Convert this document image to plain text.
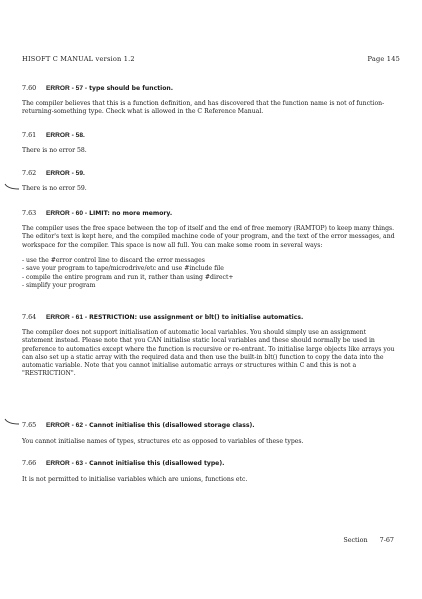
HISOFT C MANUAL version 1.2	Page 145
7.60 ERROR - 57 - type should be function.

The compiler believes that this is a function definition, and has discovered that the function name is not of function-returning-something type. Check what is allowed in the C Reference Manual.

7.61 ERROR - 58.

There is no error 58.

7.62 ERROR - 59.

There is no error 59.

7.63 ERROR - 60 - LIMIT: no more memory.

The compiler uses the free space between the top of itself and the end of free memory (RAMTOP) to keep many things. The editor's text is kept here, and the compiled machine code of your program, and the text of the error messages, and workspace for the compiler. This space is now all full. You can make some room in several ways:

- use the #error control line to discard the error messages
- save your program to tape/microdrive/etc and use #include file
- compile the entire program and run it, rather than using #direct+
- simplify your program
7.64 ERROR - 61 - RESTRICTION: use assignment or blt() to initialise automatics.

The compiler does not support initialisation of automatic local variables. You should simply use an assignment statement instead. Please note that you CAN initialise static local variables and these should normally be used in preference to automatics except where the function is recursive or re-entrant. To initialise large objects like arrays you can also set up a static array with the required data and then use the built-in blt() function to copy the data into the automatic variable. Note that you cannot initialise automatic arrays or structures within C and this is not a "RESTRICTION".

7.65 ERROR - 62 - Cannot initialise this (disallowed storage class).

You cannot initialise names of types, structures etc as opposed to variables of these types.

7.66 ERROR - 63 - Cannot initialise this (disallowed type).

It is not permitted to initialise variables which are unions, functions etc.

Section 7-67
